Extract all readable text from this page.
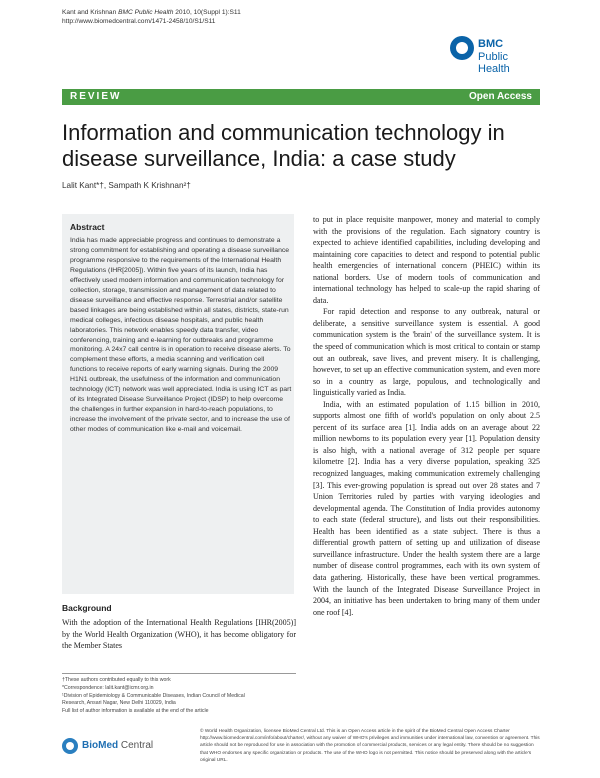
Kant and Krishnan BMC Public Health 2010, 10(Suppl 1):S11
http://www.biomedcentral.com/1471-2458/10/S1/S11
BMC
Public Health
REVIEW	Open Access
Information and communication technology in disease surveillance, India: a case study
Lalit Kant*†, Sampath K Krishnan²†
Abstract
India has made appreciable progress and continues to demonstrate a strong commitment for establishing and operating a disease surveillance programme responsive to the requirements of the International Health Regulations (IHR[2005]). Within five years of its launch, India has effectively used modern information and communication technology for collection, storage, transmission and management of data related to disease surveillance and effective response. Terrestrial and/or satellite based linkages are being established within all states, districts, state-run medical colleges, infectious disease hospitals, and public health laboratories. This network enables speedy data transfer, video conferencing, training and e-learning for outbreaks and programme monitoring. A 24x7 call centre is in operation to receive disease alerts. To complement these efforts, a media scanning and verification cell functions to receive reports of early warning signals. During the 2009 H1N1 outbreak, the usefulness of the information and communication technology (ICT) network was well appreciated. India is using ICT as part of its Integrated Disease Surveillance Project (IDSP) to help overcome the challenges in further expansion in hard-to-reach populations, to increase the involvement of the private sector, and to increase the use of other modes of communication like e-mail and voicemail.
Background
With the adoption of the International Health Regulations [IHR(2005)] by the World Health Organization (WHO), it has become obligatory for the Member States
†These authors contributed equally to this work
*Correspondence: lalit.kant@icmr.org.in
¹Division of Epidemiology & Communicable Diseases, Indian Council of Medical
Research, Ansari Nagar, New Delhi 110029, India
Full list of author information is available at the end of the article
BioMed Central
© World Health Organization, licensee BioMed Central Ltd. This is an Open Access article in the spirit of the BioMed Central Open Access Charter http://www.biomedcentral.com/info/about/charter/, without any waiver of WHO's privileges and immunities under international law, convention or agreement. This article should not be reproduced for use in association with the promotion of commercial products, services or any legal entity. There should be no suggestion that WHO endorses any specific organization or products. The use of the WHO logo is not permitted. This notice should be preserved along with the article's original URL.

to put in place requisite manpower, money and material to comply with the provisions of the regulation. Each signatory country is expected to achieve identified capabilities, including developing and maintaining core capacities to detect and respond to potential public health emergencies of international concern (PHEIC) within its national borders. Use of modern tools of communication and international technology has helped to scale-up the rapid sharing of data.

For rapid detection and response to any outbreak, natural or deliberate, a sensitive surveillance system is essential. A good communication system is the 'brain' of the surveillance system. It is the speed of communication which is most critical to contain or stamp out an outbreak, save lives, and prevent misery. It is challenging, however, to set up an effective communication system, and even more so in a country as large, populous, and technologically and linguistically varied as India.

India, with an estimated population of 1.15 billion in 2010, supports almost one fifth of world's population on only about 2.5 percent of its surface area [1]. India adds on an average about 22 million newborns to its population every year [1]. Population density is also high, with a national average of 312 people per square kilometre [2]. India has a very diverse population, speaking 325 recognized languages, making communication extremely challenging [3]. This ever-growing population is spread out over 28 states and 7 Union Territories ruled by parties with varying ideologies and developmental agenda. The Constitution of India provides autonomy to each state (federal structure), and lists out their responsibilities. Health has been identified as a state subject. There is thus a differential growth pattern of setting up and utilization of disease surveillance infrastructure. Under the health system there are a large number of disease control programmes, each with its own system of data gathering. Historically, these have been vertical programmes. With the launch of the Integrated Disease Surveillance Project in 2004, an initiative has been undertaken to bring many of them under one roof [4].
